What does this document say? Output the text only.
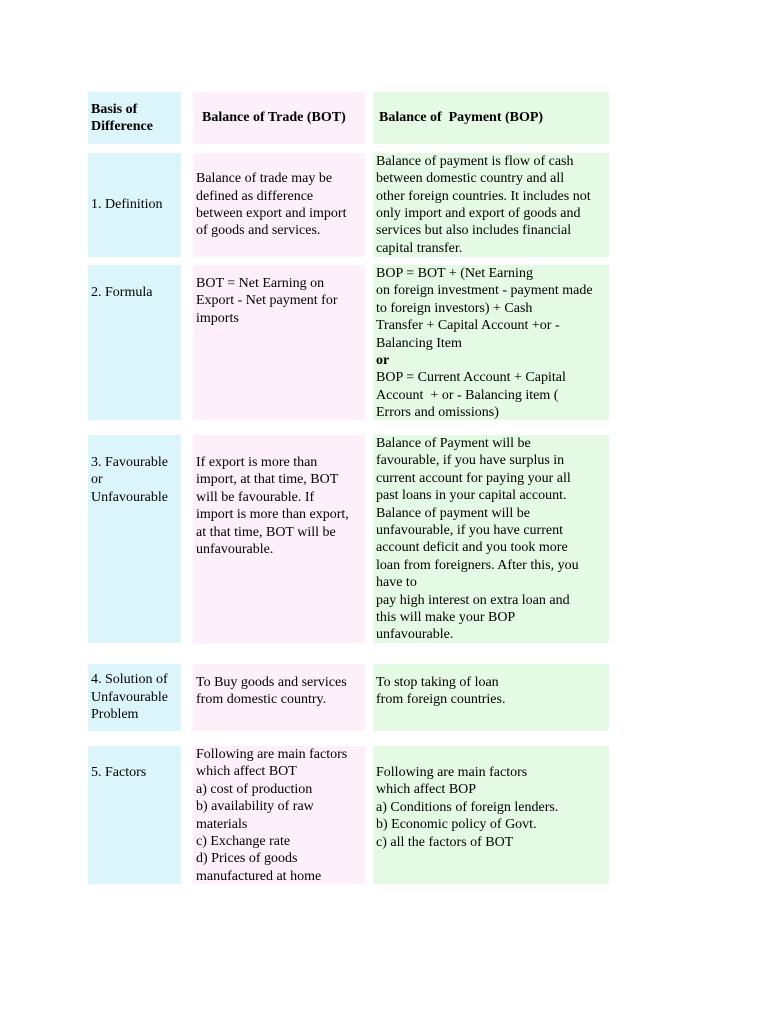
Basis of
Difference
Balance of Trade (BOT)	Balance of  Payment (BOP)
1. Definition
Balance of trade may be
defined as difference
between export and import
of goods and services.
Balance of payment is flow of cash
between domestic country and all
other foreign countries. It includes not
only import and export of goods and
services but also includes financial
capital transfer.
2. Formula
BOT = Net Earning on
Export - Net payment for
imports
BOP = BOT + (Net Earning
on foreign investment - payment made
to foreign investors) + Cash
Transfer + Capital Account +or -
Balancing Item
or
BOP = Current Account + Capital
Account  + or - Balancing item (
Errors and omissions)
3. Favourable
or
Unfavourable
If export is more than
import, at that time, BOT
will be favourable. If
import is more than export,
at that time, BOT will be
unfavourable.
Balance of Payment will be
favourable, if you have surplus in
current account for paying your all
past loans in your capital account.
Balance of payment will be
unfavourable, if you have current
account deficit and you took more
loan from foreigners. After this, you
have to
pay high interest on extra loan and
this will make your BOP
unfavourable.
4. Solution of
Unfavourable
Problem
To Buy goods and services
from domestic country.
To stop taking of loan
from foreign countries.
5. Factors
Following are main factors
which affect BOT
a) cost of production
b) availability of raw
materials
c) Exchange rate
d) Prices of goods
manufactured at home
Following are main factors
which affect BOP
a) Conditions of foreign lenders.
b) Economic policy of Govt.
c) all the factors of BOT
